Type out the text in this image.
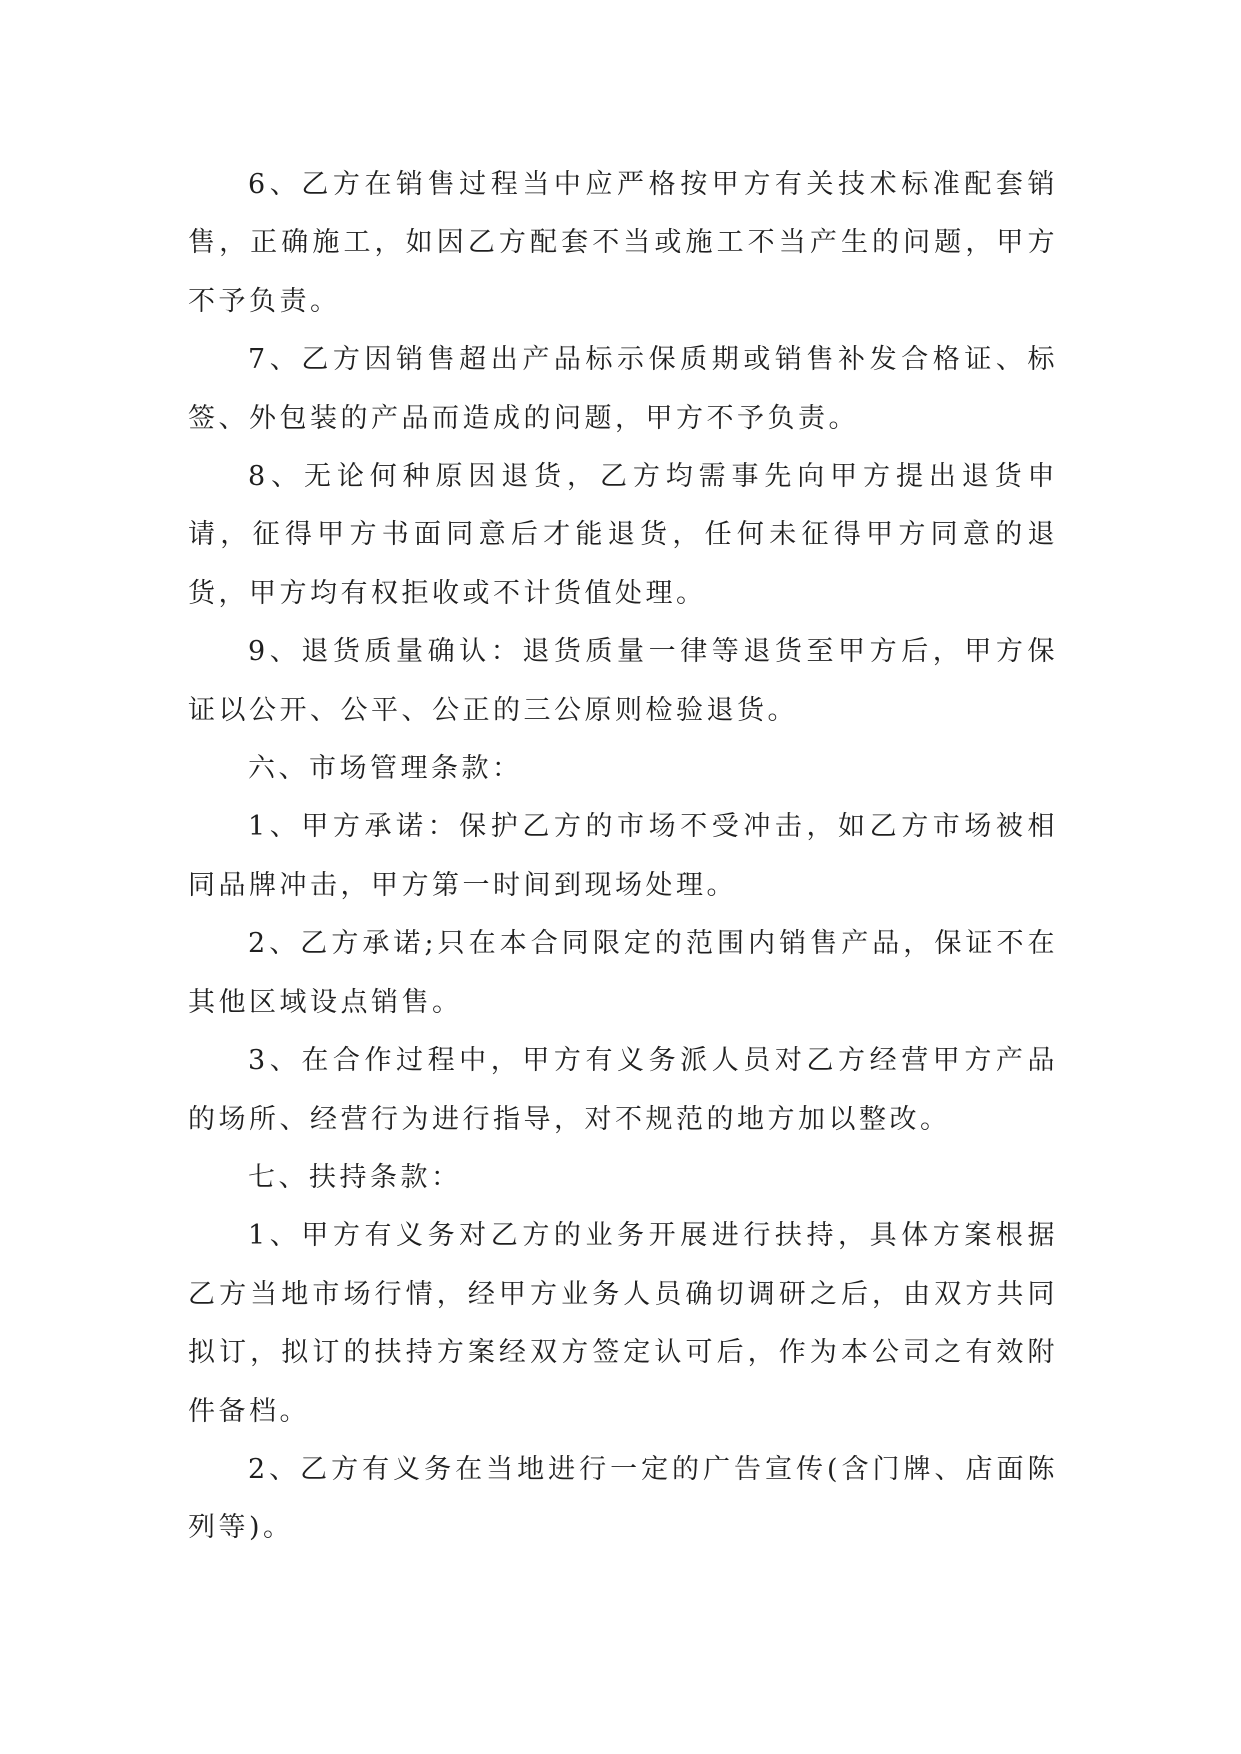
6、乙方在销售过程当中应严格按甲方有关技术标准配套销售，正确施工，如因乙方配套不当或施工不当产生的问题，甲方不予负责。

7、乙方因销售超出产品标示保质期或销售补发合格证、标签、外包装的产品而造成的问题，甲方不予负责。

8、无论何种原因退货，乙方均需事先向甲方提出退货申请，征得甲方书面同意后才能退货，任何未征得甲方同意的退货，甲方均有权拒收或不计货值处理。

9、退货质量确认：退货质量一律等退货至甲方后，甲方保证以公开、公平、公正的三公原则检验退货。

六、市场管理条款：

1、甲方承诺：保护乙方的市场不受冲击，如乙方市场被相同品牌冲击，甲方第一时间到现场处理。

2、乙方承诺;只在本合同限定的范围内销售产品，保证不在其他区域设点销售。

3、在合作过程中，甲方有义务派人员对乙方经营甲方产品的场所、经营行为进行指导，对不规范的地方加以整改。

七、扶持条款：

1、甲方有义务对乙方的业务开展进行扶持，具体方案根据乙方当地市场行情，经甲方业务人员确切调研之后，由双方共同拟订，拟订的扶持方案经双方签定认可后，作为本公司之有效附件备档。

2、乙方有义务在当地进行一定的广告宣传(含门牌、店面陈列等)。
